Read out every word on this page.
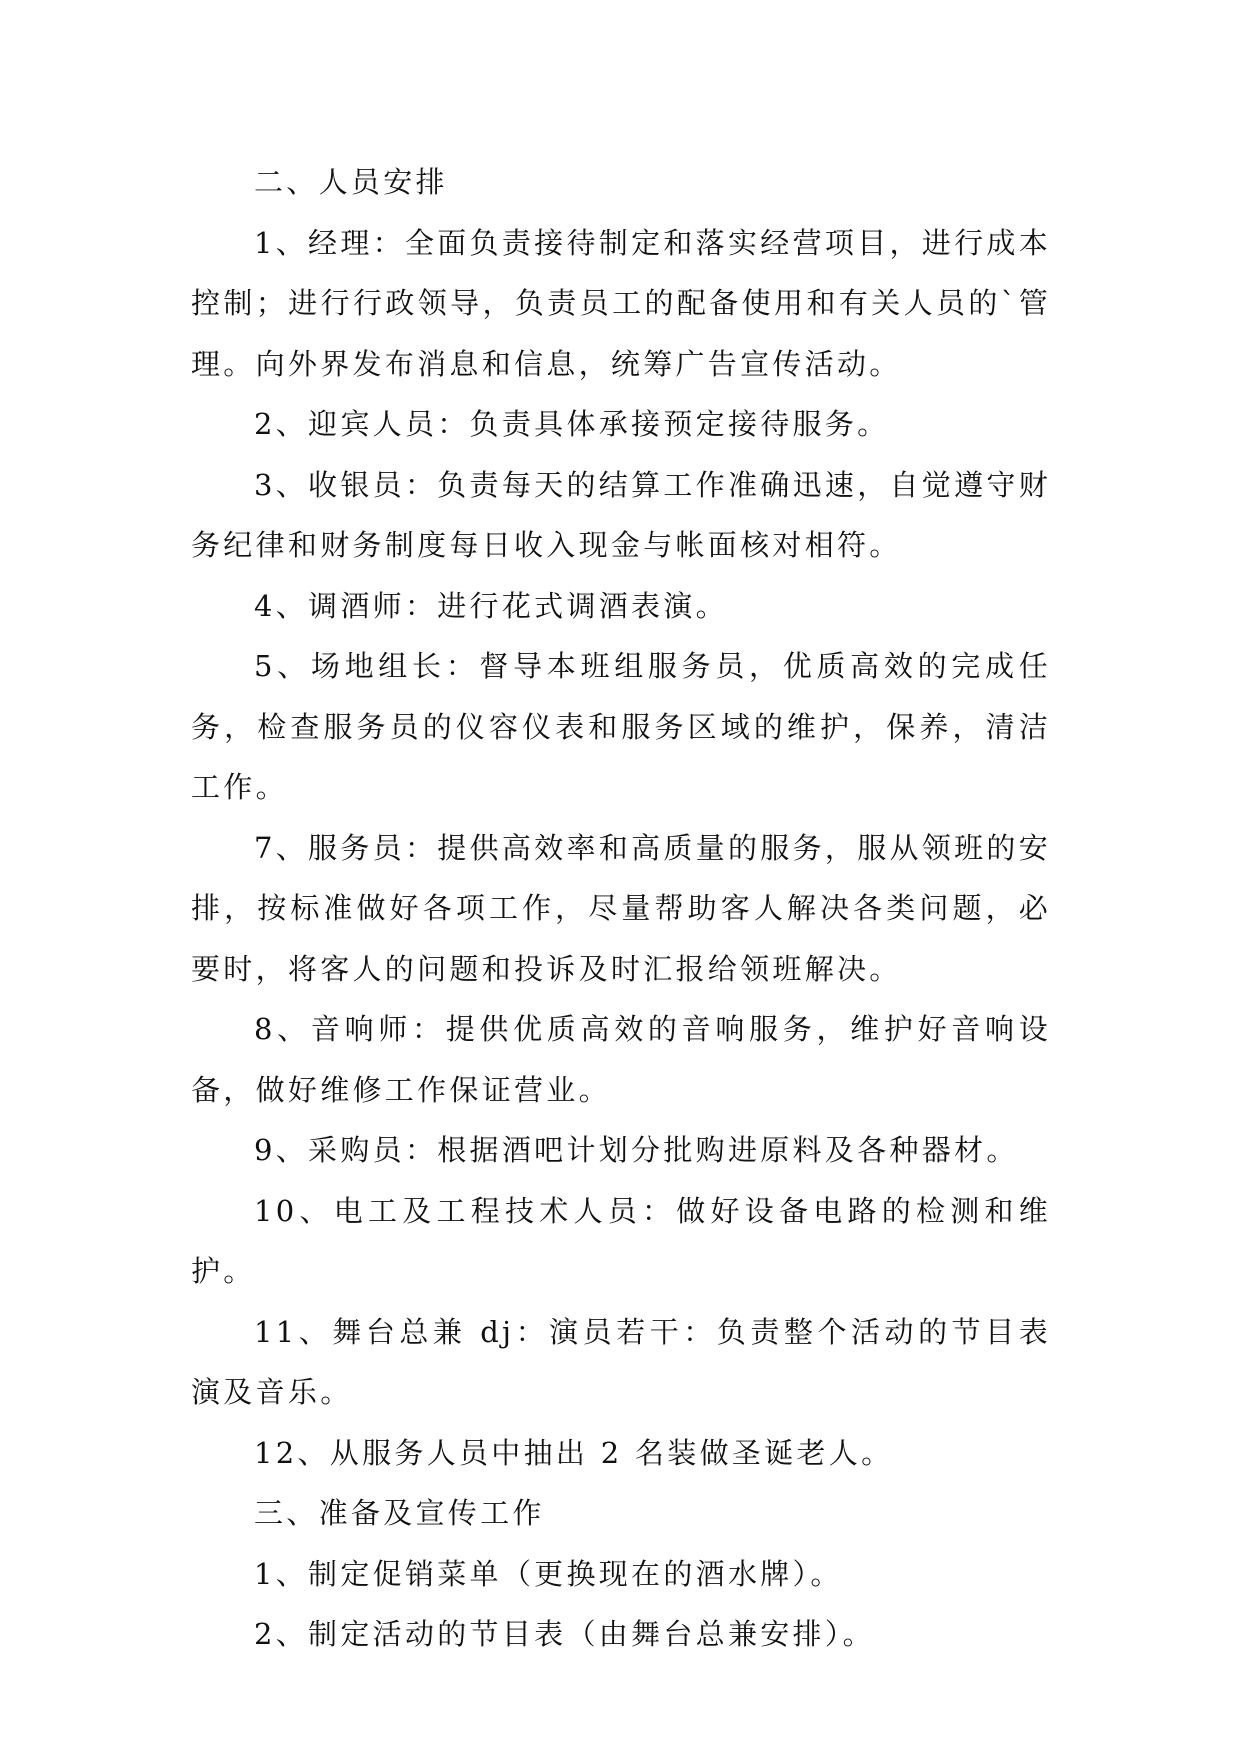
二、人员安排

1、经理：全面负责接待制定和落实经营项目，进行成本控制；进行行政领导，负责员工的配备使用和有关人员的`管理。向外界发布消息和信息，统筹广告宣传活动。

2、迎宾人员：负责具体承接预定接待服务。

3、收银员：负责每天的结算工作准确迅速，自觉遵守财务纪律和财务制度每日收入现金与帐面核对相符。

4、调酒师：进行花式调酒表演。

5、场地组长：督导本班组服务员，优质高效的完成任务，检查服务员的仪容仪表和服务区域的维护，保养，清洁工作。

7、服务员：提供高效率和高质量的服务，服从领班的安排，按标准做好各项工作，尽量帮助客人解决各类问题，必要时，将客人的问题和投诉及时汇报给领班解决。

8、音响师：提供优质高效的音响服务，维护好音响设备，做好维修工作保证营业。

9、采购员：根据酒吧计划分批购进原料及各种器材。

10、电工及工程技术人员：做好设备电路的检测和维护。

11、舞台总兼 dj：演员若干：负责整个活动的节目表演及音乐。

12、从服务人员中抽出 2 名装做圣诞老人。

三、准备及宣传工作

1、制定促销菜单（更换现在的酒水牌）。

2、制定活动的节目表（由舞台总兼安排）。
